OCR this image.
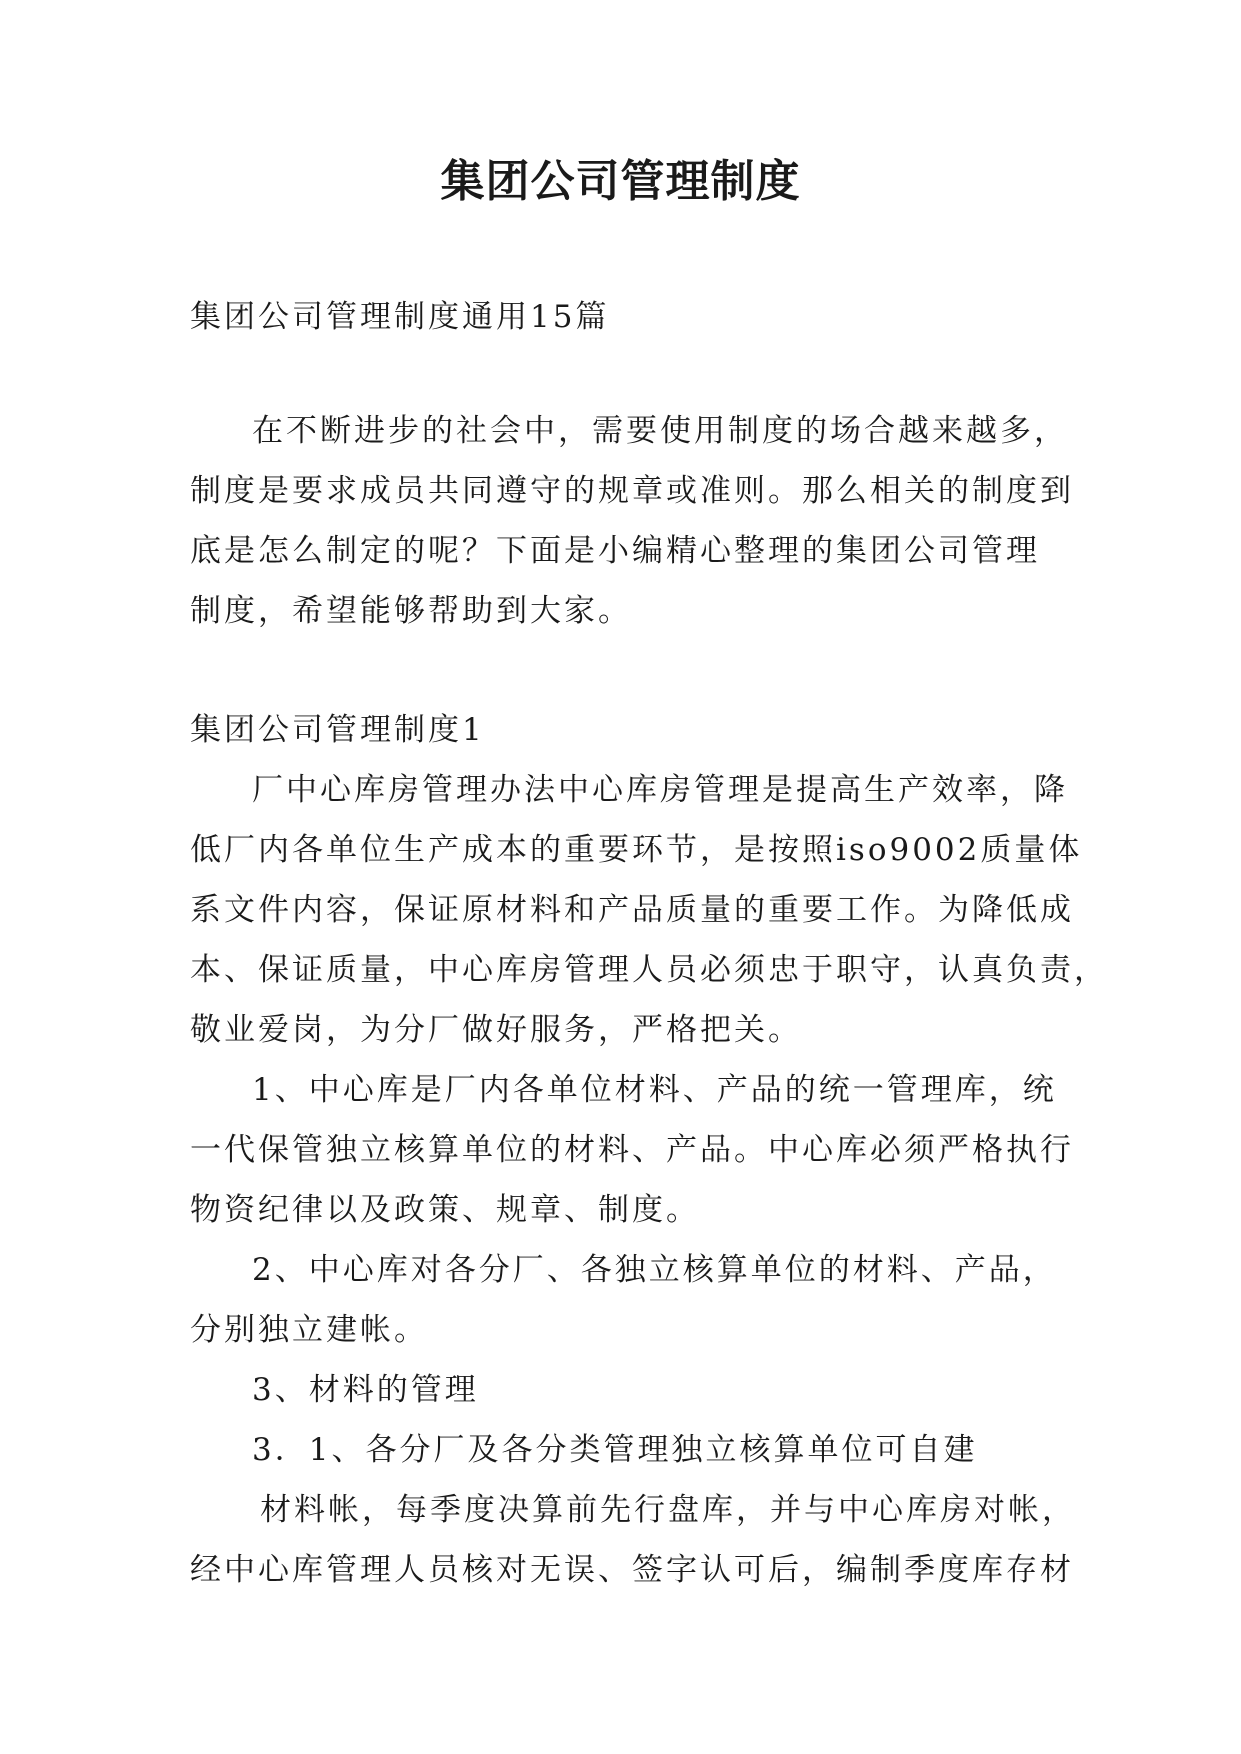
集团公司管理制度
集团公司管理制度通用15篇
在不断进步的社会中，需要使用制度的场合越来越多，
制度是要求成员共同遵守的规章或准则。那么相关的制度到
底是怎么制定的呢？下面是小编精心整理的集团公司管理
制度，希望能够帮助到大家。
集团公司管理制度1
厂中心库房管理办法中心库房管理是提高生产效率，降
低厂内各单位生产成本的重要环节，是按照iso9002质量体
系文件内容，保证原材料和产品质量的重要工作。为降低成
本、保证质量，中心库房管理人员必须忠于职守，认真负责，
敬业爱岗，为分厂做好服务，严格把关。
1、中心库是厂内各单位材料、产品的统一管理库，统
一代保管独立核算单位的材料、产品。中心库必须严格执行
物资纪律以及政策、规章、制度。
2、中心库对各分厂、各独立核算单位的材料、产品，
分别独立建帐。
3、材料的管理
3．1、各分厂及各分类管理独立核算单位可自建
材料帐，每季度决算前先行盘库，并与中心库房对帐，
经中心库管理人员核对无误、签字认可后，编制季度库存材
